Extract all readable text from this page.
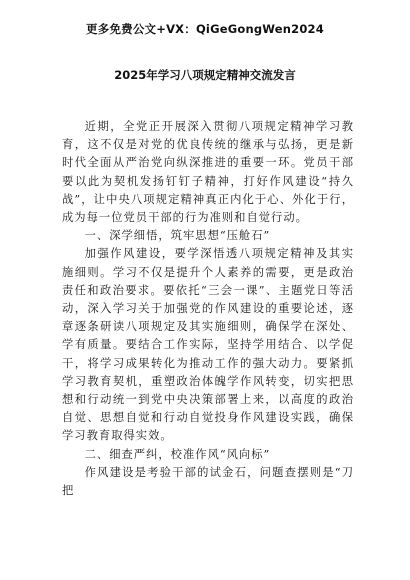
更多免费公文+VX：QiGeGongWen2024
2025年学习八项规定精神交流发言

近期，全党正开展深入贯彻八项规定精神学习教育，这不仅是对党的优良传统的继承与弘扬，更是新时代全面从严治党向纵深推进的重要一环。党员干部要以此为契机发扬钉钉子精神，打好作风建设“持久战”，让中央八项规定精神真正内化于心、外化于行，成为每一位党员干部的行为准则和自觉行动。

一、深学细悟，筑牢思想“压舱石”

加强作风建设，要学深悟透八项规定精神及其实施细则。学习不仅是提升个人素养的需要，更是政治责任和政治要求。要依托“三会一课”、主题党日等活动，深入学习关于加强党的作风建设的重要论述，逐章逐条研读八项规定及其实施细则，确保学在深处、学有质量。要结合工作实际，坚持学用结合、以学促干，将学习成果转化为推动工作的强大动力。要紧抓学习教育契机，重塑政治体魄学作风转变，切实把思想和行动统一到党中央决策部署上来，以高度的政治自觉、思想自觉和行动自觉投身作风建设实践，确保学习教育取得实效。

二、细查严纠，校准作风“风向标”

作风建设是考验干部的试金石，问题查摆则是“刀把
